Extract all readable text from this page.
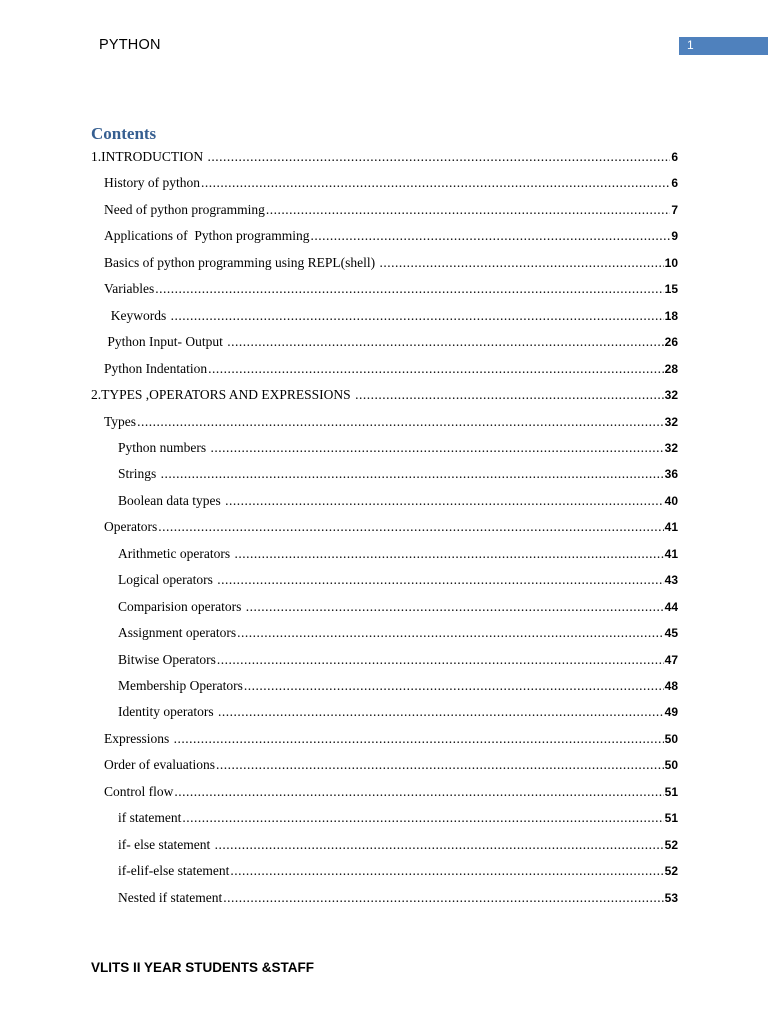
PYTHON	1
Contents
1.INTRODUCTION .....	6
History of python .....	6
Need of python programming .....	7
Applications of  Python programming .....	9
Basics of python programming using REPL(shell) .....	10
Variables .....	15
Keywords .....	18
Python Input- Output .....	26
Python Indentation .....	28
2.TYPES ,OPERATORS AND EXPRESSIONS .....	32
Types .....	32
Python numbers .....	32
Strings .....	36
Boolean data types .....	40
Operators .....	41
Arithmetic operators .....	41
Logical operators .....	43
Comparision operators .....	44
Assignment operators .....	45
Bitwise Operators .....	47
Membership Operators .....	48
Identity operators .....	49
Expressions .....	50
Order of evaluations .....	50
Control flow .....	51
if statement .....	51
if- else statement .....	52
if-elif-else statement .....	52
Nested if statement .....	53
VLITS II YEAR STUDENTS &STAFF
